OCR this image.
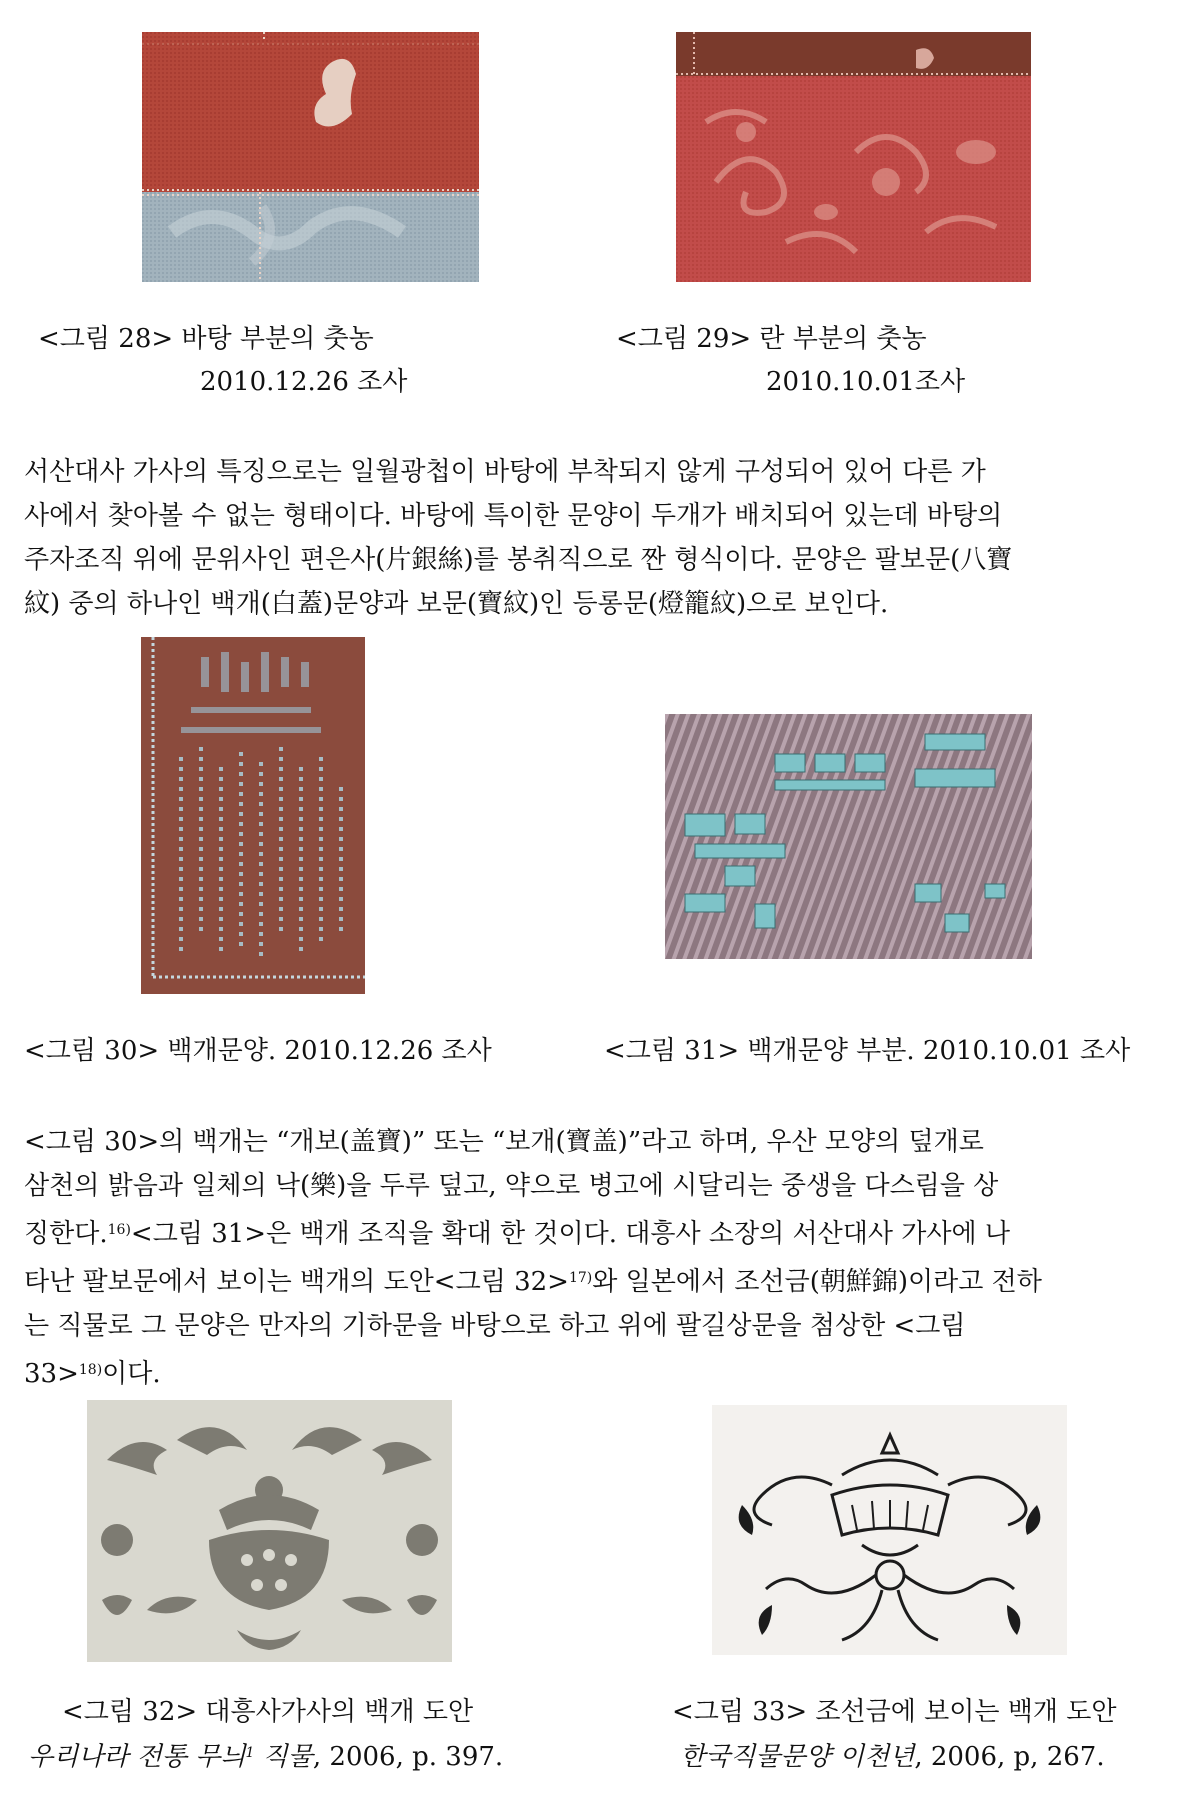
<그림 28> 바탕 부분의 춧농
2010.12.26 조사
<그림 29> 란 부분의 춧농
2010.10.01조사
서산대사 가사의 특징으로는 일월광첩이 바탕에 부착되지 않게 구성되어 있어 다른 가
사에서 찾아볼 수 없는 형태이다. 바탕에 특이한 문양이 두개가 배치되어 있는데 바탕의
주자조직 위에 문위사인 편은사(片銀絲)를 봉취직으로 짠 형식이다. 문양은 팔보문(八寶
紋) 중의 하나인 백개(白蓋)문양과 보문(寶紋)인 등롱문(燈籠紋)으로 보인다.
<그림 30> 백개문양. 2010.12.26 조사	<그림 31> 백개문양 부분. 2010.10.01 조사
<그림 30>의 백개는 “개보(盖寶)” 또는 “보개(寶盖)”라고 하며, 우산 모양의 덮개로
삼천의 밝음과 일체의 낙(樂)을 두루 덮고, 약으로 병고에 시달리는 중생을 다스림을 상
징한다.$^{16)}$<그림 31>은 백개 조직을 확대 한 것이다. 대흥사 소장의 서산대사 가사에 나
타난 팔보문에서 보이는 백개의 도안<그림 32>$^{17)}$와 일본에서 조선금(朝鮮錦)이라고 전하
는 직물로 그 문양은 만자의 기하문을 바탕으로 하고 위에 팔길상문을 첨상한 <그림
33>$^{18)}$이다.
<그림 32> 대흥사가사의 백개 도안
우리나라 전통 무늬$^1$ 직물, 2006, p. 397.
<그림 33> 조선금에 보이는 백개 도안
한국직물문양 이천년, 2006, p, 267.
